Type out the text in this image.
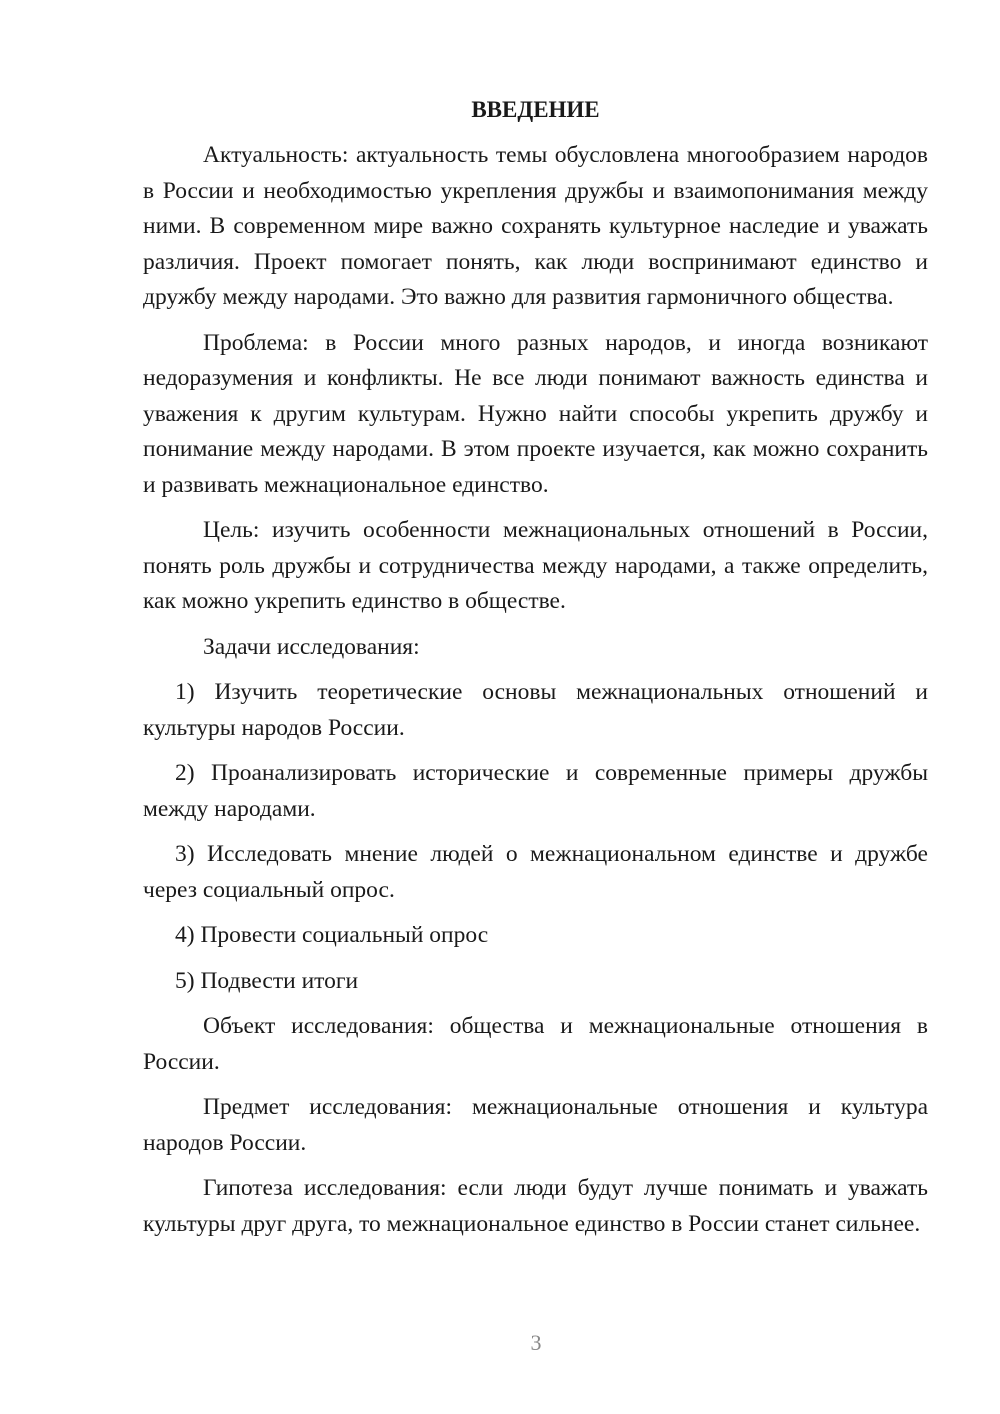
ВВЕДЕНИЕ

Актуальность: актуальность темы обусловлена многообразием народов в России и необходимостью укрепления дружбы и взаимопонимания между ними. В современном мире важно сохранять культурное наследие и уважать различия. Проект помогает понять, как люди воспринимают единство и дружбу между народами. Это важно для развития гармоничного общества.

Проблема: в России много разных народов, и иногда возникают недоразумения и конфликты. Не все люди понимают важность единства и уважения к другим культурам. Нужно найти способы укрепить дружбу и понимание между народами. В этом проекте изучается, как можно сохранить и развивать межнациональное единство.

Цель: изучить особенности межнациональных отношений в России, понять роль дружбы и сотрудничества между народами, а также определить, как можно укрепить единство в обществе.

Задачи исследования:

1) Изучить теоретические основы межнациональных отношений и культуры народов России.

2) Проанализировать исторические и современные примеры дружбы между народами.

3) Исследовать мнение людей о межнациональном единстве и дружбе через социальный опрос.

4) Провести социальный опрос

5) Подвести итоги

Объект исследования: общества и межнациональные отношения в России.

Предмет исследования: межнациональные отношения и культура народов России.

Гипотеза исследования: если люди будут лучше понимать и уважать культуры друг друга, то межнациональное единство в России станет сильнее.

3
